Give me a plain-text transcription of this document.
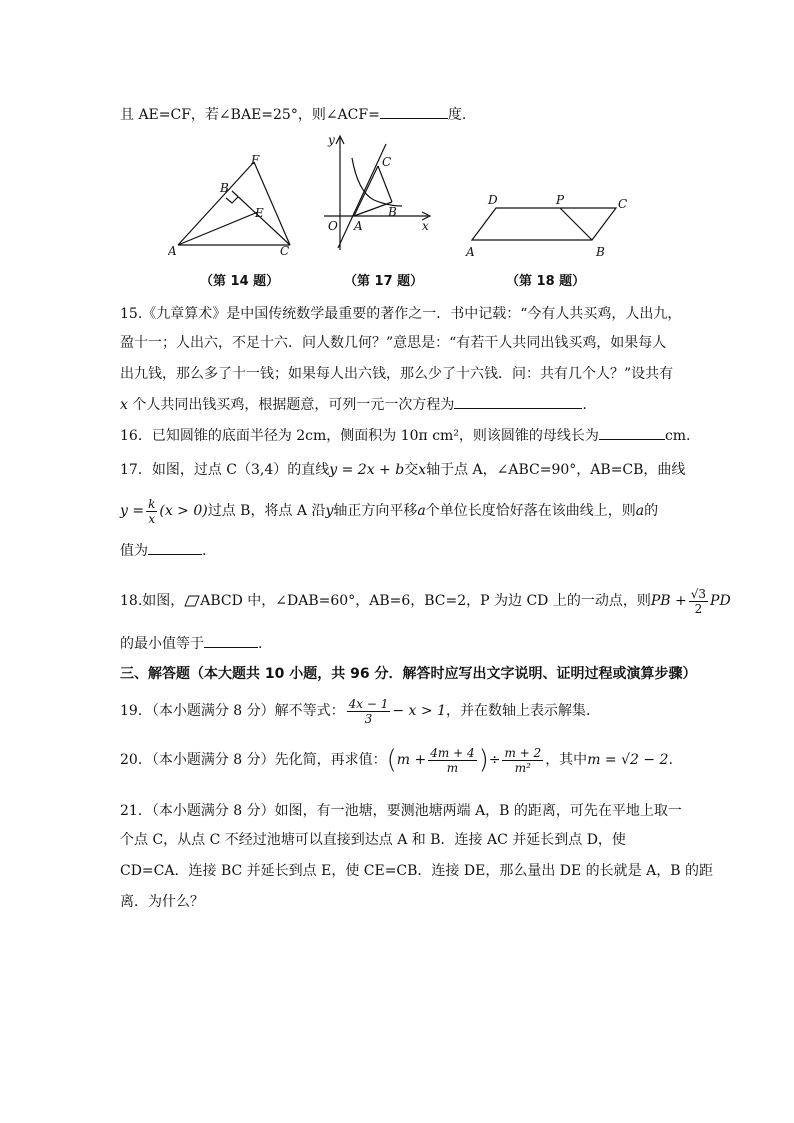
且 AE=CF，若∠BAE=25°，则∠ACF=	度.
A
B
C
E
F
（第 14 题）
y
x
O A
B
C
（第 17 题）
A	B
C
D	P
（第 18 题）
15.《九章算术》是中国传统数学最重要的著作之一．书中记载：“今有人共买鸡，人出九，
盈十一；人出六，不足十六．问人数几何？”意思是：“有若干人共同出钱买鸡，如果每人
出九钱，那么多了十一钱；如果每人出六钱，那么少了十六钱．问：共有几个人？”设共有
x 个人共同出钱买鸡，根据题意，可列一元一次方程为	.
16．已知圆锥的底面半径为 2cm，侧面积为 10π cm²，则该圆锥的母线长为	cm.
17．如图，过点 C（3,4）的直线y = 2x + b交x轴于点 A，∠ABC=90°，AB=CB，曲线
$y = \frac{k}{x} (x > 0)$过点 B，将点 A 沿y轴正方向平移a个单位长度恰好落在该曲线上，则a的
值为	.
18.如图， ABCD 中，∠DAB=60°，AB=6，BC=2，P 为边 CD 上的一动点，则PB + $\frac{√3}{2}$ PD
的最小值等于	.
三、解答题（本大题共 10 小题，共 96 分．解答时应写出文字说明、证明过程或演算步骤）
19．（本小题满分 8 分）解不等式： $\frac{4x - 1}{3} - x > 1$，并在数轴上表示解集.
20．（本小题满分 8 分）先化简，再求值：($m + \frac{4m + 4}{m}$ )÷ $\frac{m + 2}{\text{m²}}$ ，其中m = √2 − 2.
21．（本小题满分 8 分）如图，有一池塘，要测池塘两端 A，B 的距离，可先在平地上取一
个点 C，从点 C 不经过池塘可以直接到达点 A 和 B．连接 AC 并延长到点 D，使
CD=CA．连接 BC 并延长到点 E，使 CE=CB．连接 DE，那么量出 DE 的长就是 A，B 的距
离．为什么？
